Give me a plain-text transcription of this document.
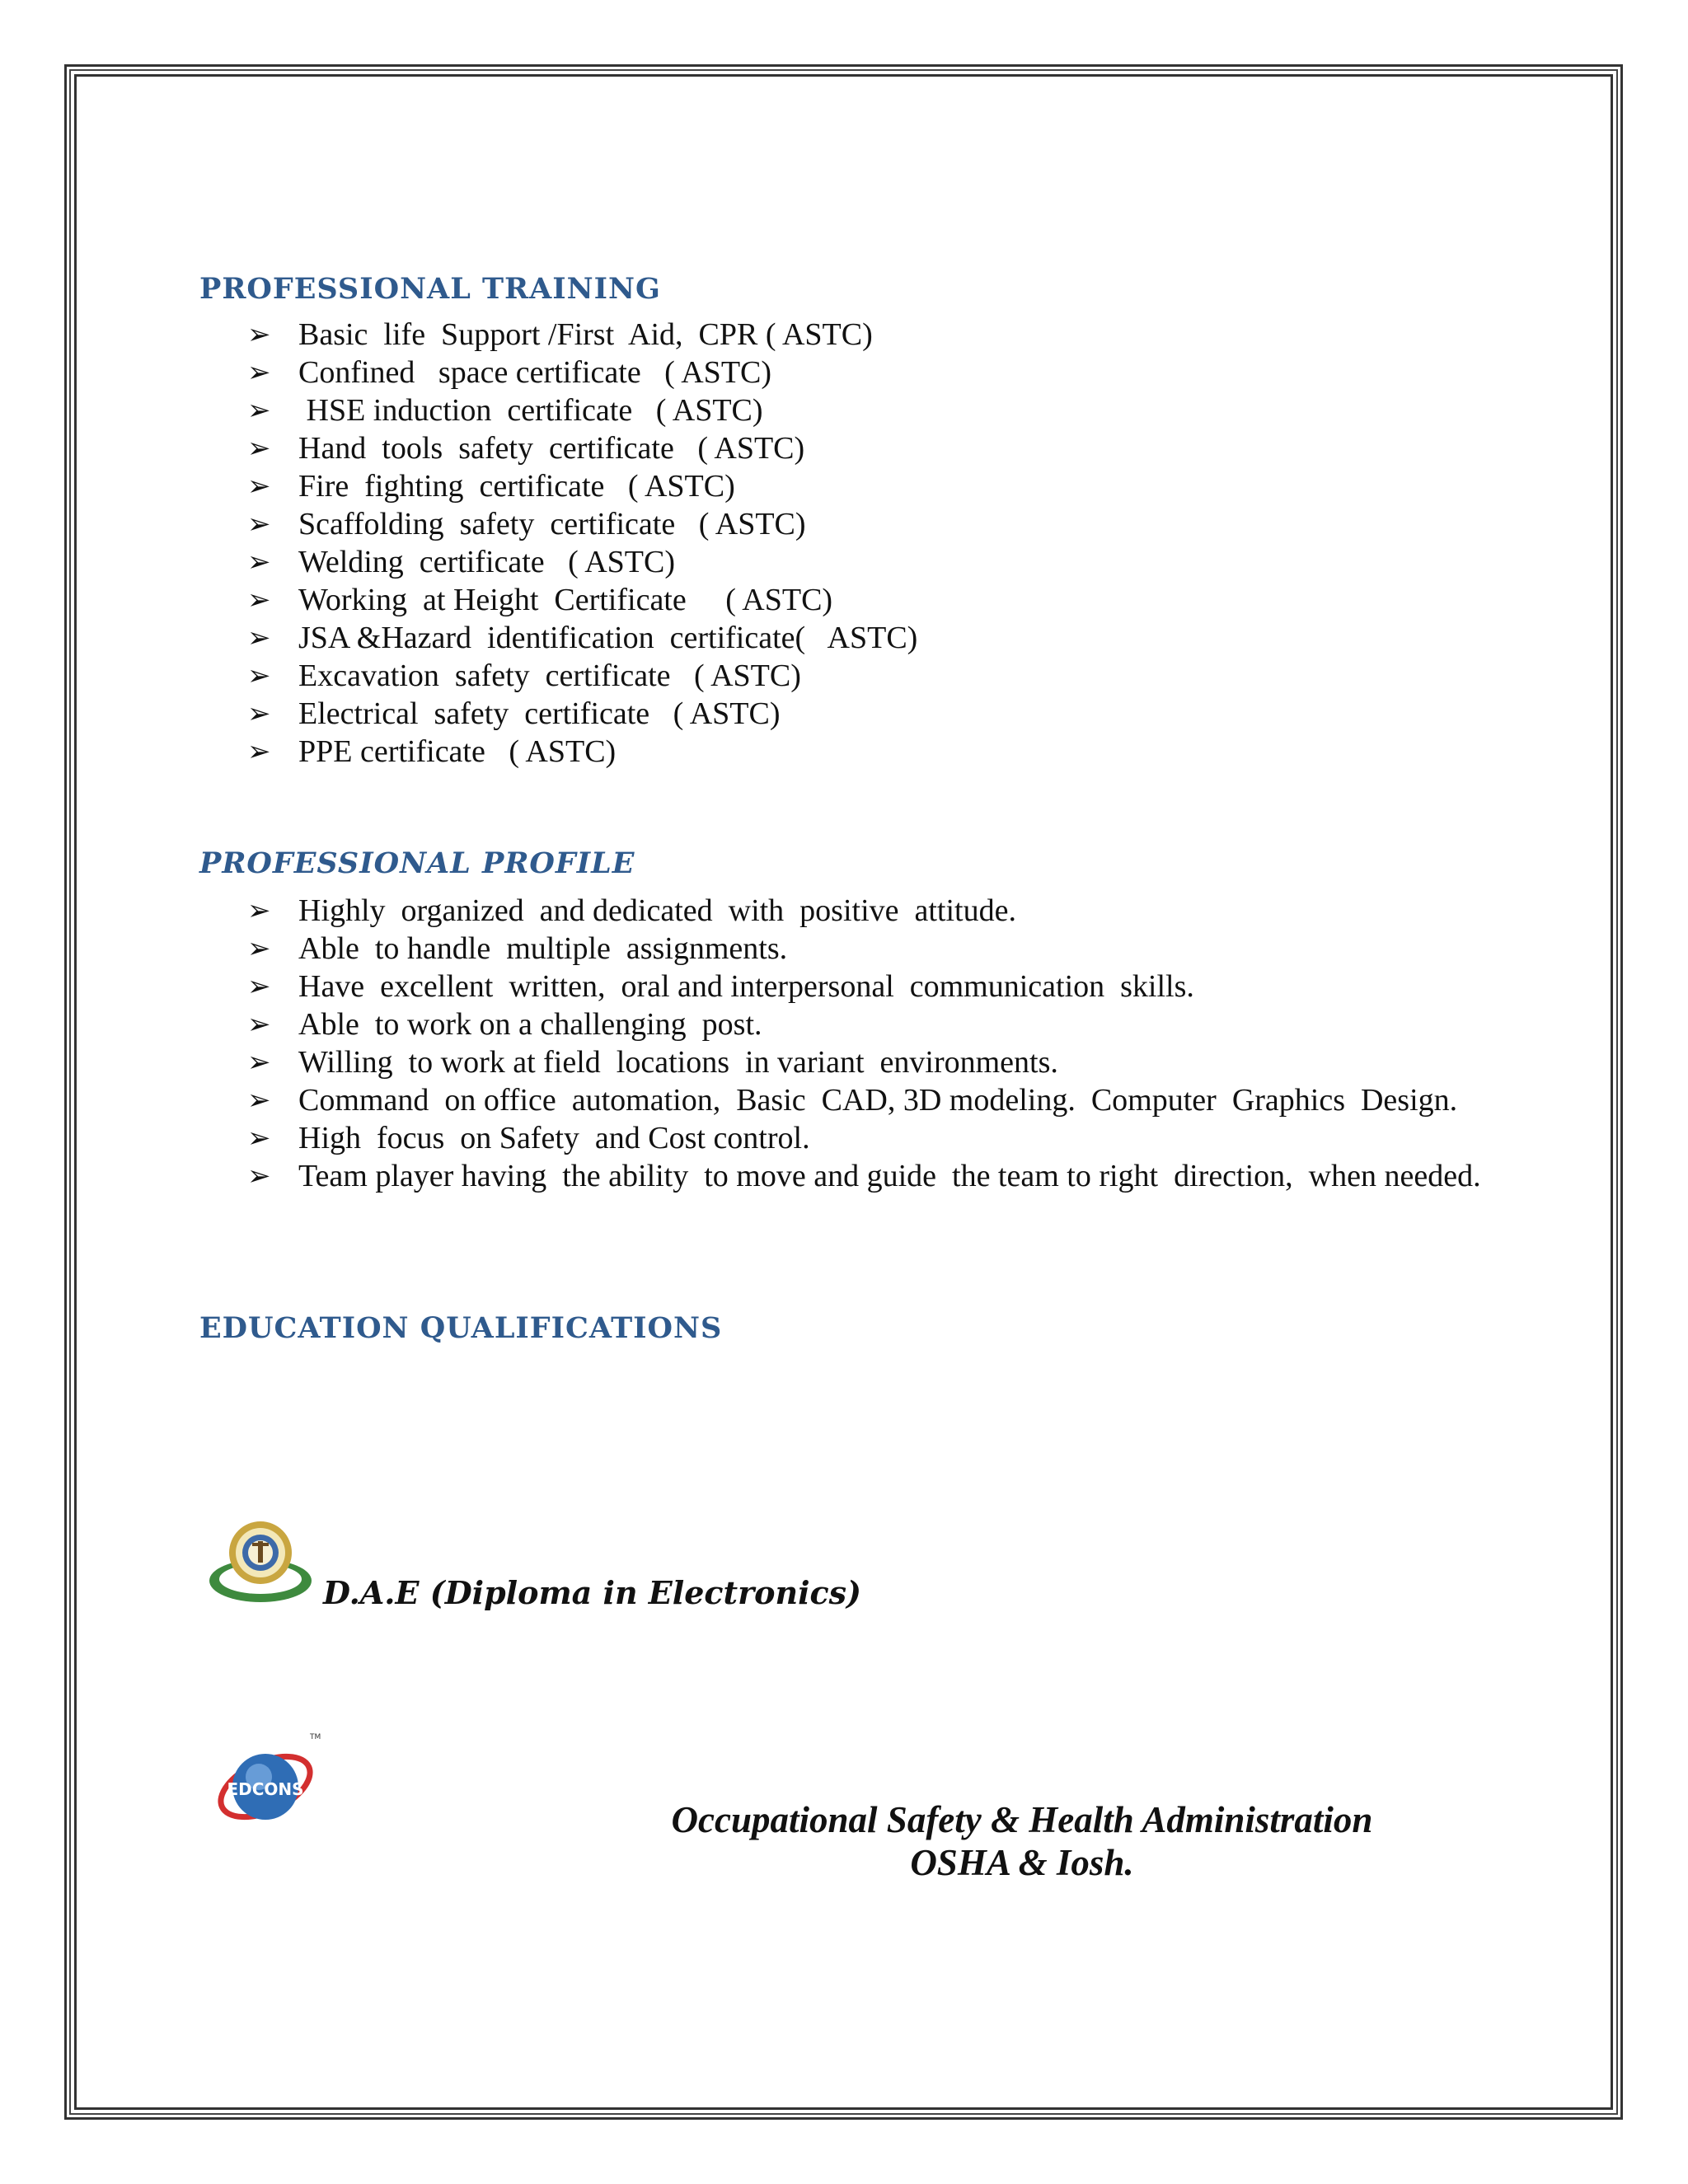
PROFESSIONAL TRAINING
➢ Basic  life  Support /First  Aid,  CPR ( ASTC)
➢ Confined   space certificate   ( ASTC)
➢ HSE induction  certificate   ( ASTC)
➢ Hand  tools  safety  certificate   ( ASTC)
➢ Fire  fighting  certificate   ( ASTC)
➢ Scaffolding  safety  certificate   ( ASTC)
➢ Welding  certificate   ( ASTC)
➢ Working  at Height  Certificate     ( ASTC)
➢ JSA &Hazard  identification  certificate(   ASTC)
➢ Excavation  safety  certificate   ( ASTC)
➢ Electrical  safety  certificate   ( ASTC)
➢ PPE certificate   ( ASTC)
PROFESSIONAL PROFILE
➢ Highly  organized  and dedicated  with  positive  attitude.
➢ Able  to handle  multiple  assignments.
➢ Have  excellent  written,  oral and interpersonal  communication  skills.
➢ Able  to work on a challenging  post.
➢ Willing  to work at field  locations  in variant  environments.
➢ Command  on office  automation,  Basic  CAD, 3D modeling.  Computer  Graphics  Design.
➢ High  focus  on Safety  and Cost control.
➢ Team player having  the ability  to move and guide  the team to right  direction,  when needed.
EDUCATION QUALIFICATIONS

D.A.E (Diploma in Electronics)

EDCONS
TM
Occupational Safety & Health Administration
OSHA & Iosh.
